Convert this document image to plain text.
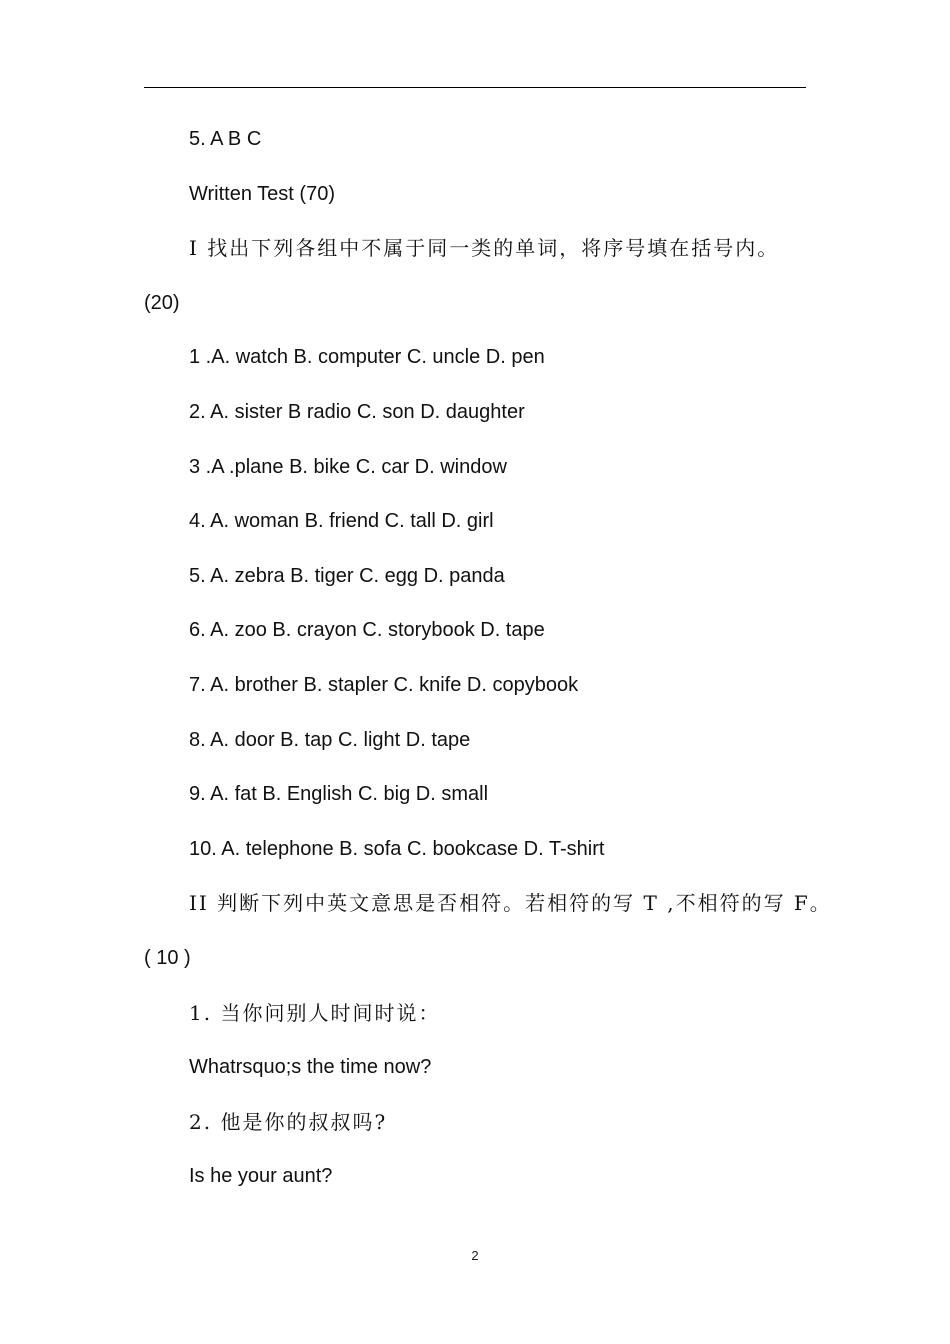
5. A B C
Written Test (70)
I 找出下列各组中不属于同一类的单词，将序号填在括号内。
(20)
1 .A. watch B. computer C. uncle D. pen
2. A. sister B radio C. son D. daughter
3 .A .plane B. bike C. car D. window
4. A. woman B. friend C. tall D. girl
5. A. zebra B. tiger C. egg D. panda
6. A. zoo B. crayon C. storybook D. tape
7. A. brother B. stapler C. knife D. copybook
8. A. door B. tap C. light D. tape
9. A. fat B. English C. big D. small
10. A. telephone B. sofa C. bookcase D. T-shirt
II 判断下列中英文意思是否相符。若相符的写 T ,不相符的写 F。
( 10 )
1. 当你问别人时间时说：
Whatrsquo;s the time now?
2. 他是你的叔叔吗?
Is he your aunt?
2
